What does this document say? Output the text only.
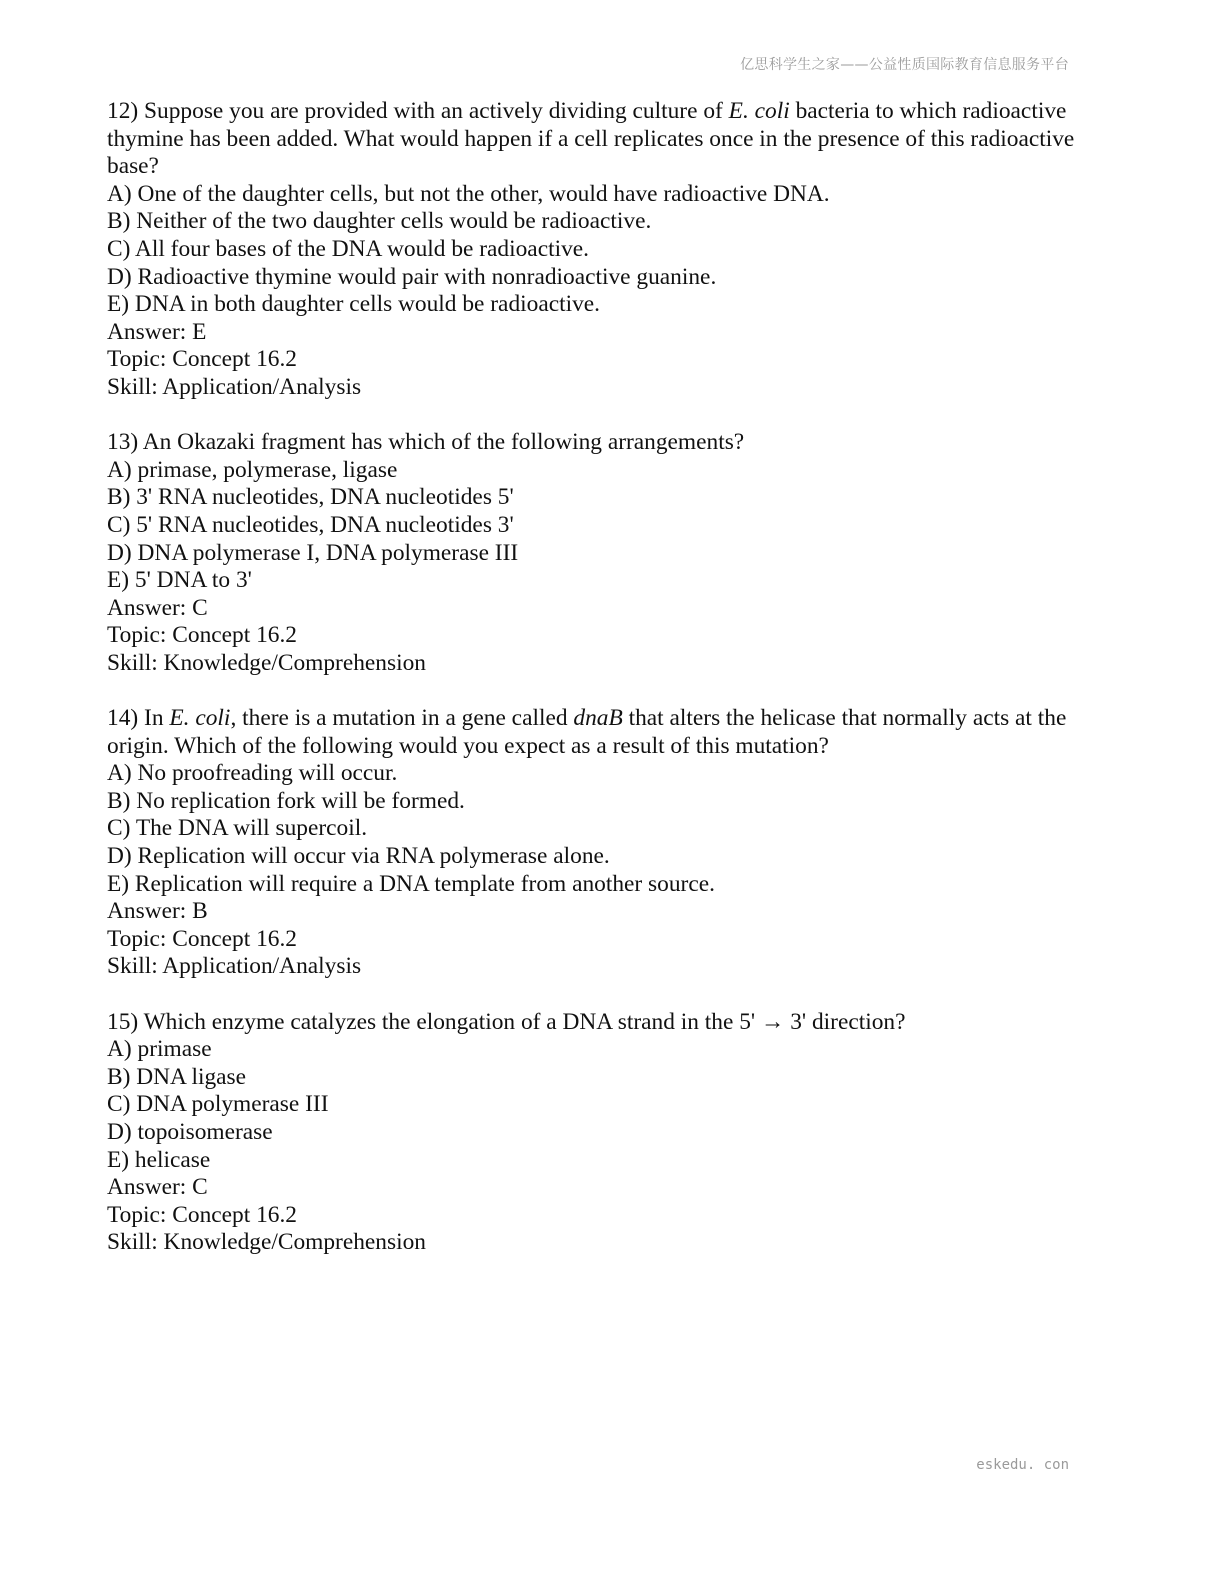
亿思科学生之家——公益性质国际教育信息服务平台
12) Suppose you are provided with an actively dividing culture of E. coli bacteria to which radioactive thymine has been added. What would happen if a cell replicates once in the presence of this radioactive base?
A) One of the daughter cells, but not the other, would have radioactive DNA.
B) Neither of the two daughter cells would be radioactive.
C) All four bases of the DNA would be radioactive.
D) Radioactive thymine would pair with nonradioactive guanine.
E) DNA in both daughter cells would be radioactive.
Answer: E
Topic: Concept 16.2
Skill: Application/Analysis
13) An Okazaki fragment has which of the following arrangements?
A) primase, polymerase, ligase
B) 3' RNA nucleotides, DNA nucleotides 5'
C) 5' RNA nucleotides, DNA nucleotides 3'
D) DNA polymerase I, DNA polymerase III
E) 5' DNA to 3'
Answer: C
Topic: Concept 16.2
Skill: Knowledge/Comprehension
14) In E. coli, there is a mutation in a gene called dnaB that alters the helicase that normally acts at the origin. Which of the following would you expect as a result of this mutation?
A) No proofreading will occur.
B) No replication fork will be formed.
C) The DNA will supercoil.
D) Replication will occur via RNA polymerase alone.
E) Replication will require a DNA template from another source.
Answer: B
Topic: Concept 16.2
Skill: Application/Analysis
15) Which enzyme catalyzes the elongation of a DNA strand in the 5' → 3' direction?
A) primase
B) DNA ligase
C) DNA polymerase III
D) topoisomerase
E) helicase
Answer: C
Topic: Concept 16.2
Skill: Knowledge/Comprehension
eskedu. con
